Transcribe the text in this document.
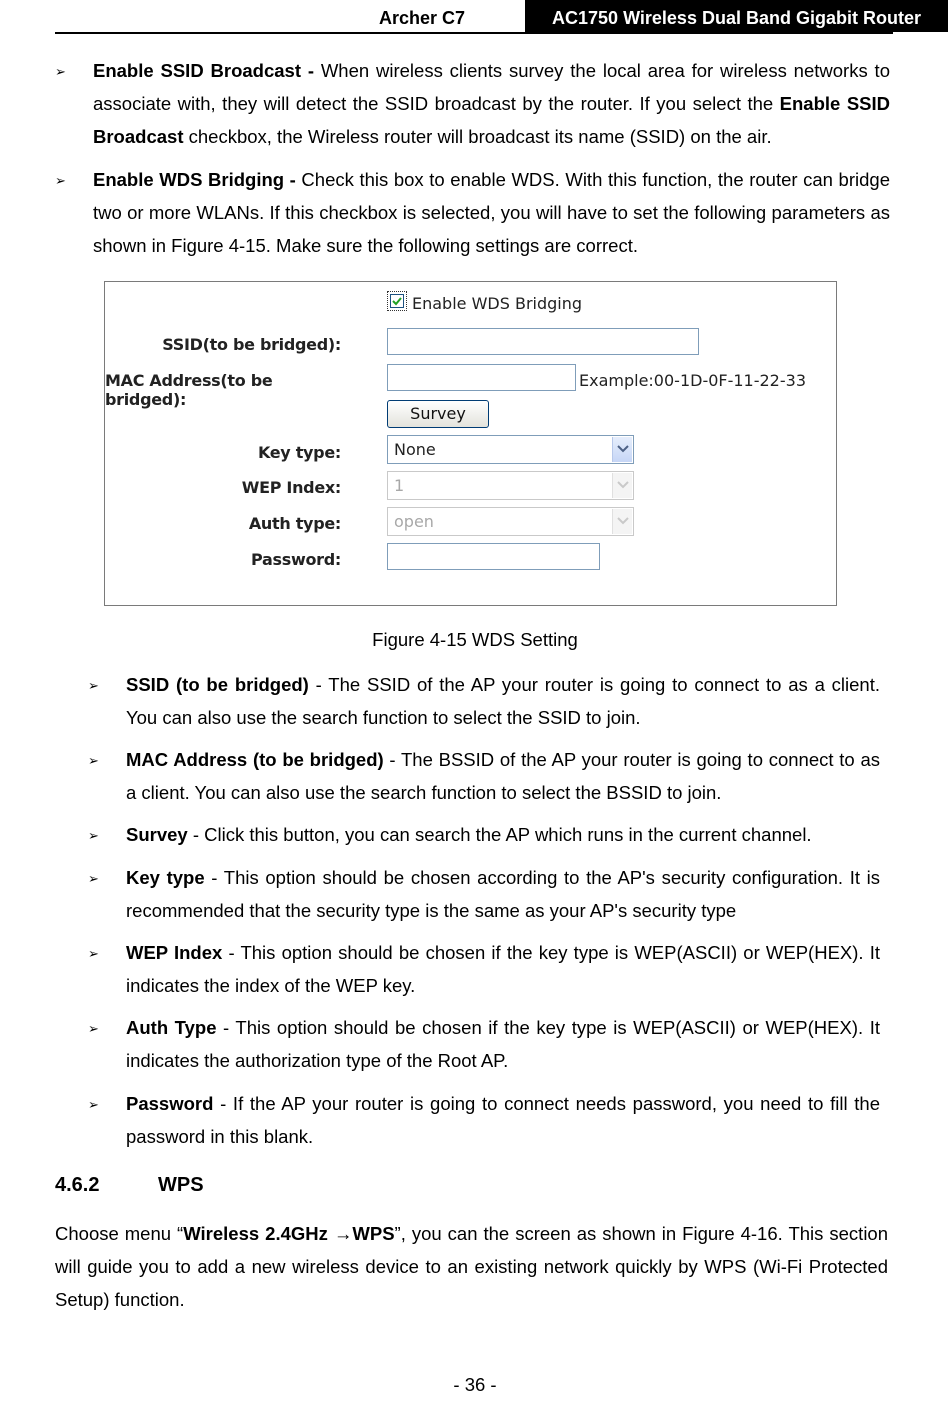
Archer C7	AC1750 Wireless Dual Band Gigabit Router
➢ Enable SSID Broadcast - When wireless clients survey the local area for wireless networks to associate with, they will detect the SSID broadcast by the router. If you select the Enable SSID Broadcast checkbox, the Wireless router will broadcast its name (SSID) on the air.

➢ Enable WDS Bridging - Check this box to enable WDS. With this function, the router can bridge two or more WLANs. If this checkbox is selected, you will have to set the following parameters as shown in Figure 4-15. Make sure the following settings are correct.

Enable WDS Bridging
SSID(to be bridged):
MAC Address(to be bridged):
Example:00-1D-0F-11-22-33
Survey
Key type:	None
WEP Index:	1
Auth type:	open
Password:
Figure 4-15 WDS Setting
➢ SSID (to be bridged) - The SSID of the AP your router is going to connect to as a client. You can also use the search function to select the SSID to join.

➢ MAC Address (to be bridged) - The BSSID of the AP your router is going to connect to as a client. You can also use the search function to select the BSSID to join.

➢ Survey - Click this button, you can search the AP which runs in the current channel.

➢ Key type - This option should be chosen according to the AP's security configuration. It is recommended that the security type is the same as your AP's security type

➢ WEP Index - This option should be chosen if the key type is WEP(ASCII) or WEP(HEX). It indicates the index of the WEP key.

➢ Auth Type - This option should be chosen if the key type is WEP(ASCII) or WEP(HEX). It indicates the authorization type of the Root AP.

➢ Password - If the AP your router is going to connect needs password, you need to fill the password in this blank.

4.6.2	WPS

Choose menu “Wireless 2.4GHz →WPS”, you can the screen as shown in Figure 4-16. This section will guide you to add a new wireless device to an existing network quickly by WPS (Wi-Fi Protected Setup) function.

- 36 -
